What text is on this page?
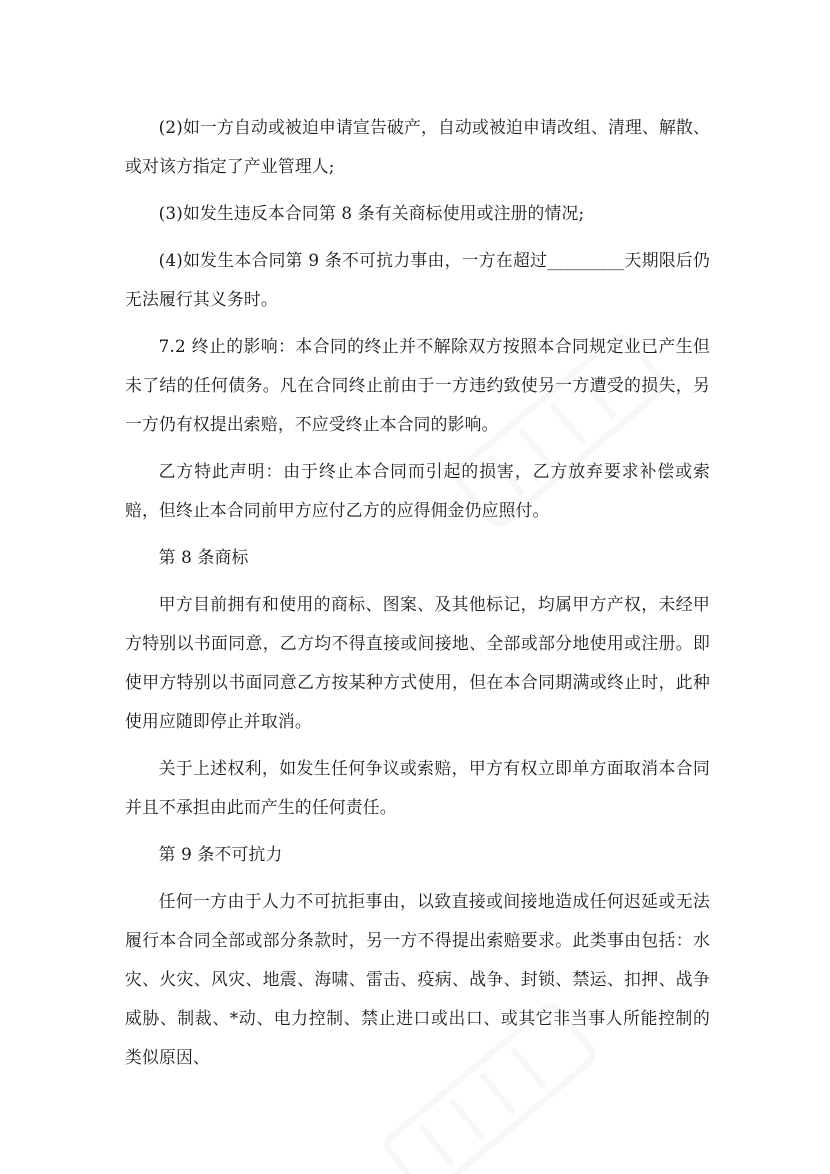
(2)如一方自动或被迫申请宣告破产，自动或被迫申请改组、清理、解散、或对该方指定了产业管理人;

(3)如发生违反本合同第 8 条有关商标使用或注册的情况;

(4)如发生本合同第 9 条不可抗力事由，一方在超过_________天期限后仍无法履行其义务时。

7.2 终止的影响：本合同的终止并不解除双方按照本合同规定业已产生但未了结的任何债务。凡在合同终止前由于一方违约致使另一方遭受的损失，另一方仍有权提出索赔，不应受终止本合同的影响。

乙方特此声明：由于终止本合同而引起的损害，乙方放弃要求补偿或索赔，但终止本合同前甲方应付乙方的应得佣金仍应照付。

第 8 条商标

甲方目前拥有和使用的商标、图案、及其他标记，均属甲方产权，未经甲方特别以书面同意，乙方均不得直接或间接地、全部或部分地使用或注册。即使甲方特别以书面同意乙方按某种方式使用，但在本合同期满或终止时，此种使用应随即停止并取消。

关于上述权利，如发生任何争议或索赔，甲方有权立即单方面取消本合同并且不承担由此而产生的任何责任。

第 9 条不可抗力

任何一方由于人力不可抗拒事由，以致直接或间接地造成任何迟延或无法履行本合同全部或部分条款时，另一方不得提出索赔要求。此类事由包括：水灾、火灾、风灾、地震、海啸、雷击、疫病、战争、封锁、禁运、扣押、战争威胁、制裁、*动、电力控制、禁止进口或出口、或其它非当事人所能控制的类似原因、
